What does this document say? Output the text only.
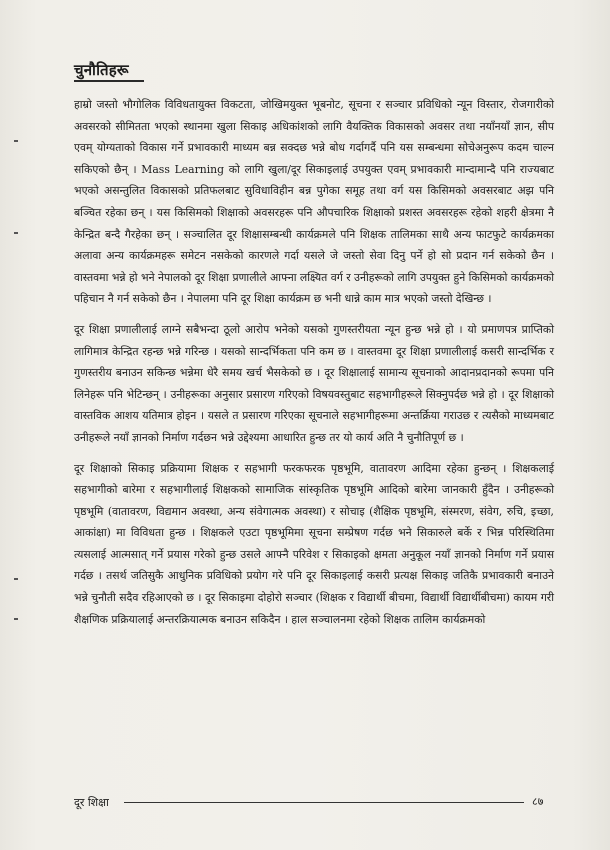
चुनौतिहरू

हाम्रो जस्तो भौगोलिक विविधतायुक्त विकटता, जोखिमयुक्त भूबनोट, सूचना र सञ्चार प्रविधिको न्यून विस्तार, रोजगारीको अवसरको सीमितता भएको स्थानमा खुला सिकाइ अधिकांशको लागि वैयक्तिक विकासको अवसर तथा नयाँनयाँ ज्ञान, सीप एवम् योग्यताको विकास गर्ने प्रभावकारी माध्यम बन्न सक्दछ भन्ने बोध गर्दागर्दै पनि यस सम्बन्धमा सोचेअनुरूप कदम चाल्न सकिएको छैन् । Mass Learning को लागि खुला/दूर सिकाइलाई उपयुक्त एवम् प्रभावकारी मान्दामान्दै पनि राज्यबाट भएको असन्तुलित विकासको प्रतिफलबाट सुविधाविहीन बन्न पुगेका समूह तथा वर्ग यस किसिमको अवसरबाट अझ पनि बञ्चित रहेका छन् । यस किसिमको शिक्षाको अवसरहरू पनि औपचारिक शिक्षाको प्रशस्त अवसरहरू रहेको शहरी क्षेत्रमा नै केन्द्रित बन्दै गैरहेका छन् । सञ्चालित दूर शिक्षासम्बन्धी कार्यक्रमले पनि शिक्षक तालिमका साथै अन्य फाटफुटे कार्यक्रमका अलावा अन्य कार्यक्रमहरू समेटन नसकेको कारणले गर्दा यसले जे जस्तो सेवा दिनु पर्ने हो सो प्रदान गर्न सकेको छैन । वास्तवमा भन्ने हो भने नेपालको दूर शिक्षा प्रणालीले आफ्ना लक्ष्यित वर्ग र उनीहरूको लागि उपयुक्त हुने किसिमको कार्यक्रमको पहिचान नै गर्न सकेको छैन । नेपालमा पनि दूर शिक्षा कार्यक्रम छ भनी धान्ने काम मात्र भएको जस्तो देखिन्छ ।

दूर शिक्षा प्रणालीलाई लाग्ने सबैभन्दा ठूलो आरोप भनेको यसको गुणस्तरीयता न्यून हुन्छ भन्ने हो । यो प्रमाणपत्र प्राप्तिको लागिमात्र केन्द्रित रहन्छ भन्ने गरिन्छ । यसको सान्दर्भिकता पनि कम छ । वास्तवमा दूर शिक्षा प्रणालीलाई कसरी सान्दर्भिक र गुणस्तरीय बनाउन सकिन्छ भन्नेमा धेरै समय खर्च भैसकेको छ । दूर शिक्षालाई सामान्य सूचनाको आदानप्रदानको रूपमा पनि लिनेहरू पनि भेटिन्छन् । उनीहरूका अनुसार प्रसारण गरिएको विषयवस्तुबाट सहभागीहरूले सिक्नुपर्दछ भन्ने हो । दूर शिक्षाको वास्तविक आशय यतिमात्र होइन । यसले त प्रसारण गरिएका सूचनाले सहभागीहरूमा अन्तर्क्रिया गराउछ र त्यसैको माध्यमबाट उनीहरूले नयाँ ज्ञानको निर्माण गर्दछन भन्ने उद्देश्यमा आधारित हुन्छ तर यो कार्य अति नै चुनौतिपूर्ण छ ।

दूर शिक्षाको सिकाइ प्रक्रियामा शिक्षक र सहभागी फरकफरक पृष्ठभूमि, वातावरण आदिमा रहेका हुन्छन् । शिक्षकलाई सहभागीको बारेमा र सहभागीलाई शिक्षकको सामाजिक सांस्कृतिक पृष्ठभूमि आदिको बारेमा जानकारी हुँदैन । उनीहरूको पृष्ठभूमि (वातावरण, विद्यमान अवस्था, अन्य संवेगात्मक अवस्था) र सोचाइ (शैक्षिक पृष्ठभूमि, संस्मरण, संवेग, रुचि, इच्छा, आकांक्षा) मा विविधता हुन्छ । शिक्षकले एउटा पृष्ठभूमिमा सूचना सम्प्रेषण गर्दछ भने सिकारुले बर्के र भिन्न परिस्थितिमा त्यसलाई आत्मसात् गर्ने प्रयास गरेको हुन्छ उसले आफ्नै परिवेश र सिकाइको क्षमता अनुकूल नयाँ ज्ञानको निर्माण गर्ने प्रयास गर्दछ । तसर्थ जतिसुकै आधुनिक प्रविधिको प्रयोग गरे पनि दूर सिकाइलाई कसरी प्रत्यक्ष सिकाइ जतिकै प्रभावकारी बनाउने भन्ने चुनौती सदैव रहिआएको छ । दूर सिकाइमा दोहोरो सञ्चार (शिक्षक र विद्यार्थी बीचमा, विद्यार्थी विद्यार्थीबीचमा) कायम गरी शैक्षणिक प्रक्रियालाई अन्तरक्रियात्मक बनाउन सकिदैन । हाल सञ्चालनमा रहेको शिक्षक तालिम कार्यक्रमको

दूर शिक्षा	८७
